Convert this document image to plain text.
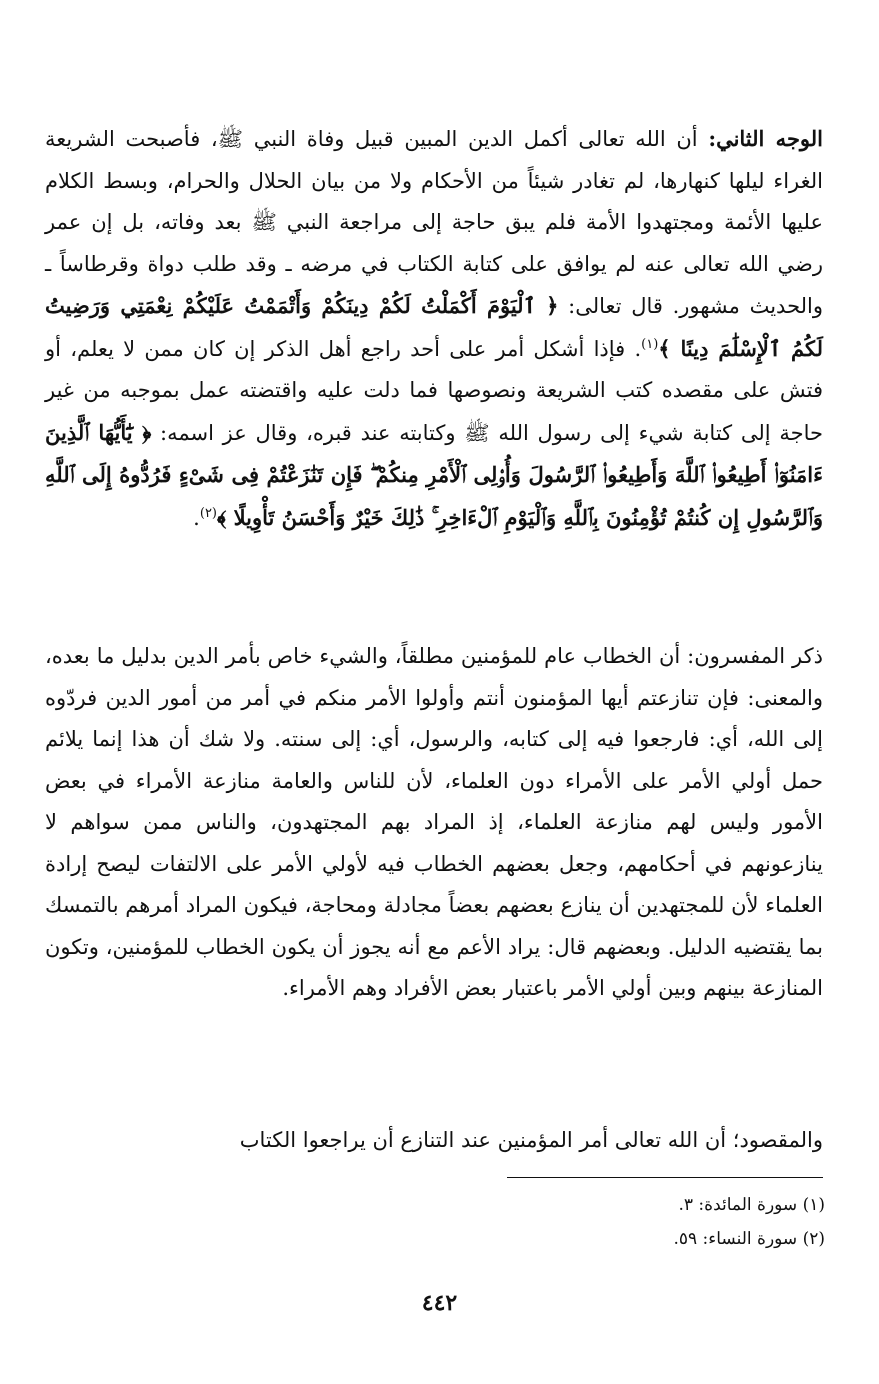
الوجه الثاني: أن الله تعالى أكمل الدين المبين قبيل وفاة النبي ﷺ، فأصبحت الشريعة الغراء ليلها كنهارها، لم تغادر شيئاً من الأحكام ولا من بيان الحلال والحرام، وبسط الكلام عليها الأئمة ومجتهدوا الأمة فلم يبق حاجة إلى مراجعة النبي ﷺ بعد وفاته، بل إن عمر رضي الله تعالى عنه لم يوافق على كتابة الكتاب في مرضه ـ وقد طلب دواة وقرطاساً ـ والحديث مشهور. قال تعالى: ﴿ ٱلْيَوْمَ أَكْمَلْتُ لَكُمْ دِينَكُمْ وَأَتْمَمْتُ عَلَيْكُمْ نِعْمَتِي وَرَضِيتُ لَكُمُ ٱلْإِسْلَٰمَ دِينًا ﴾$^{(١)}$. فإذا أشكل أمر على أحد راجع أهل الذكر إن كان ممن لا يعلم، أو فتش على مقصده كتب الشريعة ونصوصها فما دلت عليه واقتضته عمل بموجبه من غير حاجة إلى كتابة شيء إلى رسول الله ﷺ وكتابته عند قبره، وقال عز اسمه: ﴿ يَٰٓأَيُّهَا ٱلَّذِينَ ءَامَنُوٓا۟ أَطِيعُوا۟ ٱللَّهَ وَأَطِيعُوا۟ ٱلرَّسُولَ وَأُو۟لِى ٱلْأَمْرِ مِنكُمْ ۖ فَإِن تَنَٰزَعْتُمْ فِى شَىْءٍ فَرُدُّوهُ إِلَى ٱللَّهِ وَٱلرَّسُولِ إِن كُنتُمْ تُؤْمِنُونَ بِٱللَّهِ وَٱلْيَوْمِ ٱلْءَاخِرِ ۚ ذَٰلِكَ خَيْرٌ وَأَحْسَنُ تَأْوِيلًا ﴾$^{(٢)}$.

ذكر المفسرون: أن الخطاب عام للمؤمنين مطلقاً، والشيء خاص بأمر الدين بدليل ما بعده، والمعنى: فإن تنازعتم أيها المؤمنون أنتم وأولوا الأمر منكم في أمر من أمور الدين فردّوه إلى الله، أي: فارجعوا فيه إلى كتابه، والرسول، أي: إلى سنته. ولا شك أن هذا إنما يلائم حمل أولي الأمر على الأمراء دون العلماء، لأن للناس والعامة منازعة الأمراء في بعض الأمور وليس لهم منازعة العلماء، إذ المراد بهم المجتهدون، والناس ممن سواهم لا ينازعونهم في أحكامهم، وجعل بعضهم الخطاب فيه لأولي الأمر على الالتفات ليصح إرادة العلماء لأن للمجتهدين أن ينازع بعضهم بعضاً مجادلة ومحاجة، فيكون المراد أمرهم بالتمسك بما يقتضيه الدليل. وبعضهم قال: يراد الأعم مع أنه يجوز أن يكون الخطاب للمؤمنين، وتكون المنازعة بينهم وبين أولي الأمر باعتبار بعض الأفراد وهم الأمراء.

والمقصود؛ أن الله تعالى أمر المؤمنين عند التنازع أن يراجعوا الكتاب

(١) سورة المائدة: ٣.
(٢) سورة النساء: ٥٩.
٤٤٢
